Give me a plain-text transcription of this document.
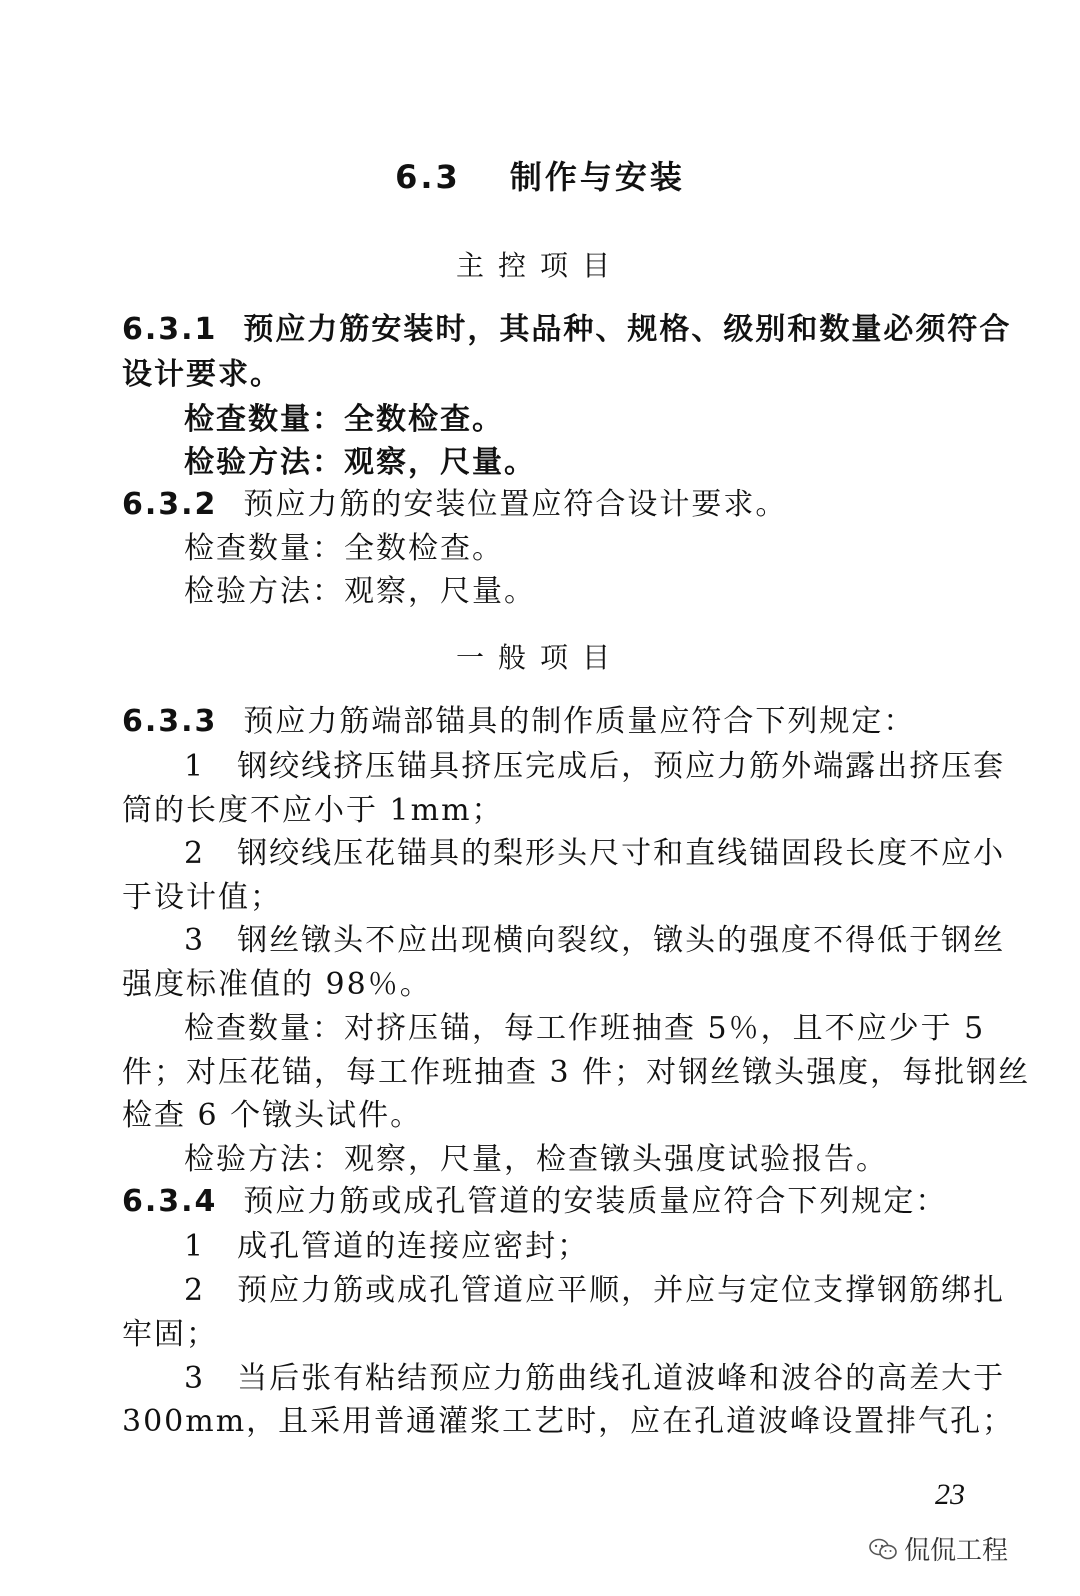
6.3　 制作与安装
主控项目
6.3.1 预应力筋安装时，其品种、规格、级别和数量必须符合
设计要求。
检查数量：全数检查。
检验方法：观察，尺量。
6.3.2 预应力筋的安装位置应符合设计要求。
检查数量：全数检查。
检验方法：观察，尺量。
一般项目
6.3.3 预应力筋端部锚具的制作质量应符合下列规定：
1　钢绞线挤压锚具挤压完成后，预应力筋外端露出挤压套
筒的长度不应小于 1mm；
2　钢绞线压花锚具的梨形头尺寸和直线锚固段长度不应小
于设计值；
3　钢丝镦头不应出现横向裂纹，镦头的强度不得低于钢丝
强度标准值的 98％。
检查数量：对挤压锚，每工作班抽查 5％，且不应少于 5
件；对压花锚，每工作班抽查 3 件；对钢丝镦头强度，每批钢丝
检查 6 个镦头试件。
检验方法：观察，尺量，检查镦头强度试验报告。
6.3.4 预应力筋或成孔管道的安装质量应符合下列规定：
1　成孔管道的连接应密封；
2　预应力筋或成孔管道应平顺，并应与定位支撑钢筋绑扎
牢固；
3　当后张有粘结预应力筋曲线孔道波峰和波谷的高差大于
300mm，且采用普通灌浆工艺时，应在孔道波峰设置排气孔；
23
侃侃工程
